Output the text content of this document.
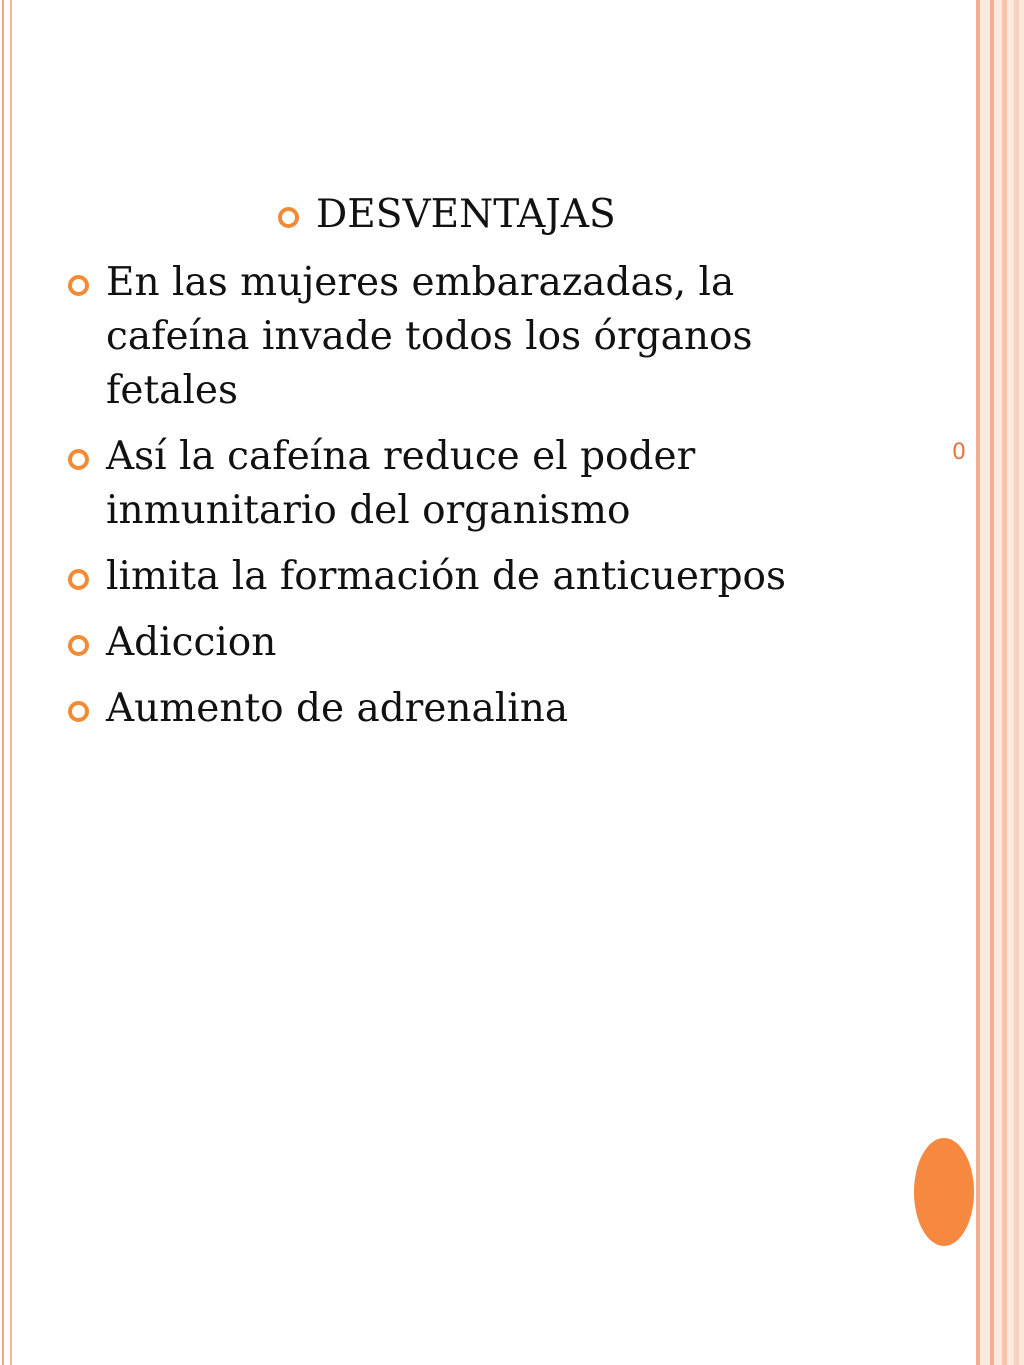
0
DESVENTAJAS
En las mujeres embarazadas, la cafeína invade todos los órganos fetales
Así la cafeína reduce el poder inmunitario del organismo
limita la formación de anticuerpos
Adiccion
Aumento de adrenalina
